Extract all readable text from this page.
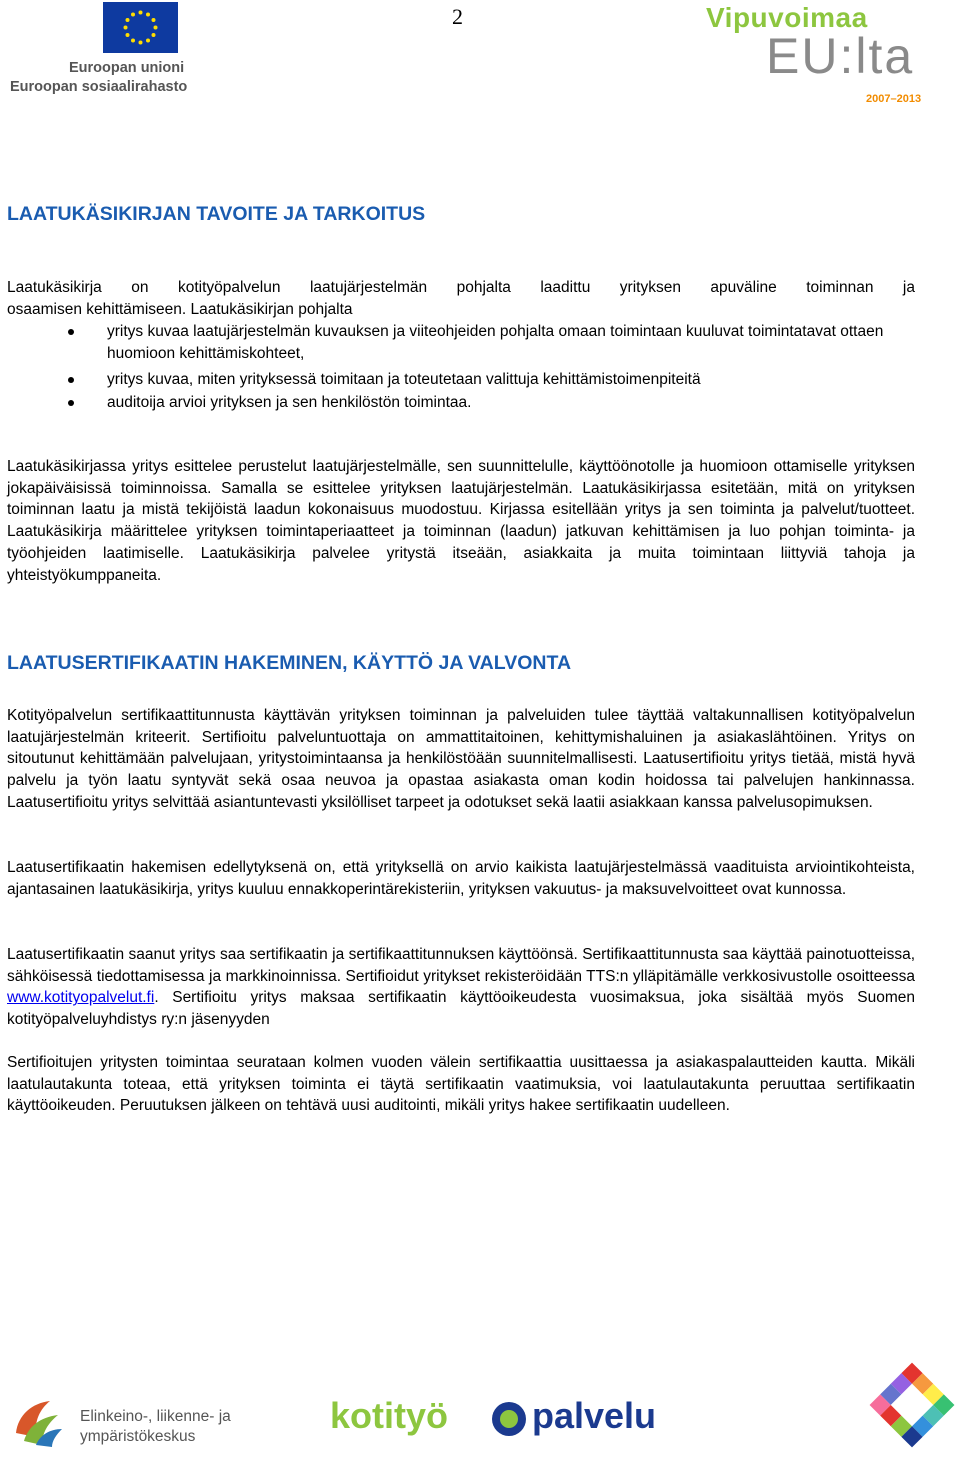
2
Euroopan unioni
Euroopan sosiaalirahasto
Vipuvoimaa
EU:lta
2007–2013
LAATUKÄSIKIRJAN TAVOITE JA TARKOITUS
Laatukäsikirja on kotityöpalvelun laatujärjestelmän pohjalta laadittu yrityksen apuväline toiminnan ja
osaamisen kehittämiseen. Laatukäsikirjan pohjalta
yritys kuvaa laatujärjestelmän kuvauksen ja viiteohjeiden pohjalta omaan toimintaan kuuluvat toimintatavat ottaen huomioon kehittämiskohteet,
yritys kuvaa, miten yrityksessä toimitaan ja toteutetaan valittuja kehittämistoimenpiteitä
auditoija arvioi yrityksen ja sen henkilöstön toimintaa.

Laatukäsikirjassa yritys esittelee perustelut laatujärjestelmälle, sen suunnittelulle, käyttöönotolle ja huomioon ottamiselle yrityksen jokapäiväisissä toiminnoissa. Samalla se esittelee yrityksen laatujärjestelmän. Laatukäsikirjassa esitetään, mitä on yrityksen toiminnan laatu ja mistä tekijöistä laadun kokonaisuus muodostuu. Kirjassa esitellään yritys ja sen toiminta ja palvelut/tuotteet. Laatukäsikirja määrittelee yrityksen toimintaperiaatteet ja toiminnan (laadun) jatkuvan kehittämisen ja luo pohjan toiminta- ja työohjeiden laatimiselle. Laatukäsikirja palvelee yritystä itseään, asiakkaita ja muita toimintaan liittyviä tahoja ja yhteistyökumppaneita.

LAATUSERTIFIKAATIN HAKEMINEN, KÄYTTÖ JA VALVONTA

Kotityöpalvelun sertifikaattitunnusta käyttävän yrityksen toiminnan ja palveluiden tulee täyttää valtakunnallisen kotityöpalvelun laatujärjestelmän kriteerit. Sertifioitu palveluntuottaja on ammattitaitoinen, kehittymishaluinen ja asiakaslähtöinen. Yritys on sitoutunut kehittämään palvelujaan, yritystoimintaansa ja henkilöstöään suunnitelmallisesti. Laatusertifioitu yritys tietää, mistä hyvä palvelu ja työn laatu syntyvät sekä osaa neuvoa ja opastaa asiakasta oman kodin hoidossa tai palvelujen hankinnassa. Laatusertifioitu yritys selvittää asiantuntevasti yksilölliset tarpeet ja odotukset sekä laatii asiakkaan kanssa palvelusopimuksen.

Laatusertifikaatin hakemisen edellytyksenä on, että yrityksellä on arvio kaikista laatujärjestelmässä vaadituista arviointikohteista, ajantasainen laatukäsikirja, yritys kuuluu ennakkoperintärekisteriin, yrityksen vakuutus- ja maksuvelvoitteet ovat kunnossa.

Laatusertifikaatin saanut yritys saa sertifikaatin ja sertifikaattitunnuksen käyttöönsä. Sertifikaattitunnusta saa käyttää painotuotteissa, sähköisessä tiedottamisessa ja markkinoinnissa. Sertifioidut yritykset rekisteröidään TTS:n ylläpitämälle verkkosivustolle osoitteessa www.kotityopalvelut.fi. Sertifioitu yritys maksaa sertifikaatin käyttöoikeudesta vuosimaksua, joka sisältää myös Suomen kotityöpalveluyhdistys ry:n jäsenyyden

Sertifioitujen yritysten toimintaa seurataan kolmen vuoden välein sertifikaattia uusittaessa ja asiakaspalautteiden kautta. Mikäli laatulautakunta toteaa, että yrityksen toiminta ei täytä sertifikaatin vaatimuksia, voi laatulautakunta peruuttaa sertifikaatin käyttöoikeuden. Peruutuksen jälkeen on tehtävä uusi auditointi, mikäli yritys hakee sertifikaatin uudelleen.

Elinkeino-, liikenne- ja
ympäristökeskus
kotityö palvelu
